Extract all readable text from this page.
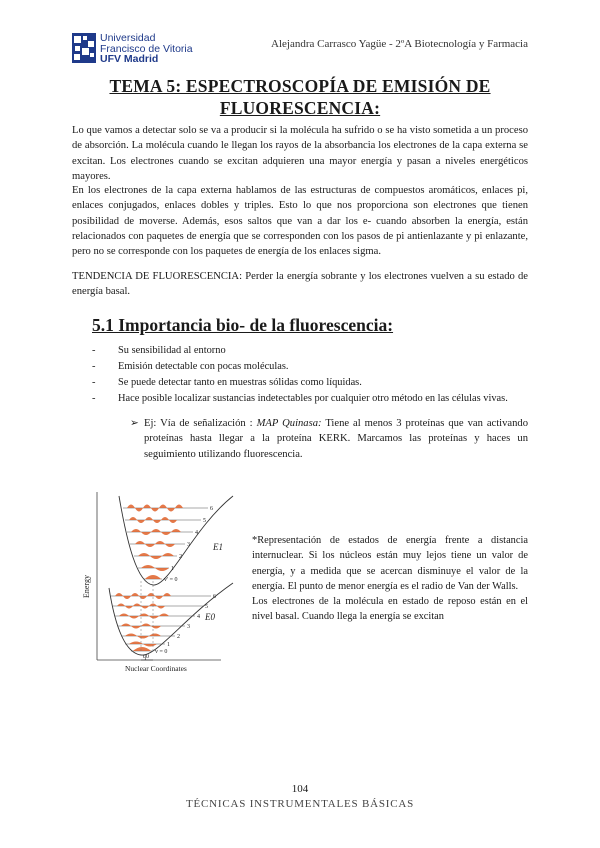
Universidad
Francisco de Vitoria
UFV Madrid
Alejandra Carrasco Yagüe - 2ºA Biotecnología y Farmacia
TEMA 5: ESPECTROSCOPÍA DE EMISIÓN DE
FLUORESCENCIA:

Lo que vamos a detectar solo se va a producir si la molécula ha sufrido o se ha visto sometida a un proceso de absorción. La molécula cuando le llegan los rayos de la absorbancia los electrones de la capa externa se excitan. Los electrones cuando se excitan adquieren una mayor energía y pasan a niveles energéticos mayores.

En los electrones de la capa externa hablamos de las estructuras de compuestos aromáticos, enlaces pi, enlaces conjugados, enlaces dobles y triples. Esto lo que nos proporciona son electrones que tienen posibilidad de moverse. Además, esos saltos que van a dar los e- cuando absorben la energía, están relacionados con paquetes de energía que se corresponden con los pasos de pi antienlazante y pi enlazante, pero no se corresponde con los paquetes de energía de los enlaces sigma.

TENDENCIA DE FLUORESCENCIA: Perder la energía sobrante y los electrones vuelven a su estado de energía basal.

5.1 Importancia bio- de la fluorescencia:
- Su sensibilidad al entorno
- Emisión detectable con pocas moléculas.
- Se puede detectar tanto en muestras sólidas como líquidas.
- Hace posible localizar sustancias indetectables por cualquier otro método en las células vivas.
➢ Ej: Vía de señalización : MAP Quinasa: Tiene al menos 3 proteínas que van activando proteínas hasta llegar a la proteína KERK. Marcamos las proteínas y haces un seguimiento utilizando fluorescencia.
Energy
Nuclear Coordinates
6
5
4
3
2
1
v' = 0
E1
6
5
4
3
2
1
v = 0
E0
q0
*Representación de estados de energía frente a distancia internuclear. Si los núcleos están muy lejos tiene un valor de energía, y a medida que se acercan disminuye el valor de la energía. El punto de menor energía es el radio de Van der Walls.
Los electrones de la molécula en estado de reposo están en el nivel basal. Cuando llega la energía se excitan
104
TÉCNICAS INSTRUMENTALES BÁSICAS
